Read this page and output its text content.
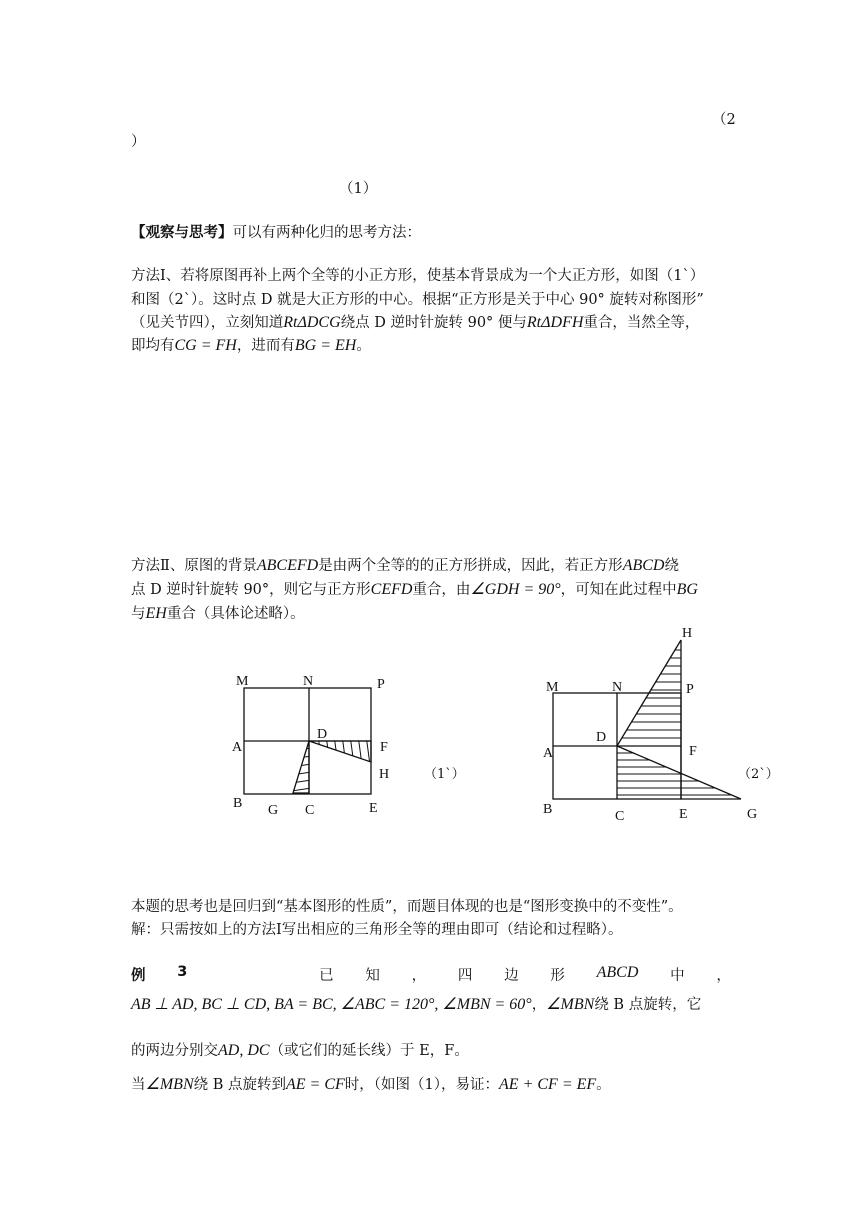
（2
）
（1）
【观察与思考】可以有两种化归的思考方法：
方法Ⅰ、若将原图再补上两个全等的小正方形，使基本背景成为一个大正方形，如图（1`）
和图（2`）。这时点 D 就是大正方形的中心。根据“正方形是关于中心 90° 旋转对称图形”
（见关节四），立刻知道RtΔDCG绕点 D 逆时针旋转 90° 便与RtΔDFH重合，当然全等，
即均有CG = FH，进而有BG = EH。
方法Ⅱ、原图的背景ABCEFD是由两个全等的的正方形拼成，因此，若正方形ABCD绕
点 D 逆时针旋转 90°，则它与正方形CEFD重合，由∠GDH = 90°，可知在此过程中BG
与EH重合（具体论述略）。
M	N	P
A
D
F
H
B G C	E
（1`）
H
M	N	P
D
A	F
B	C	E	G
（2`）
本题的思考也是回归到“基本图形的性质”，而题目体现的也是“图形变换中的不变性”。
解：只需按如上的方法Ⅰ写出相应的三角形全等的理由即可（结论和过程略）。
例 3	已 知 ， 四 边 形 ABCD 中 ，
AB ⊥ AD, BC ⊥ CD, BA = BC, ∠ABC = 120°, ∠MBN = 60°，∠MBN绕 B 点旋转，它
的两边分别交AD, DC（或它们的延长线）于 E，F。
当∠MBN绕 B 点旋转到AE = CF时，（如图（1），易证：AE + CF = EF。
